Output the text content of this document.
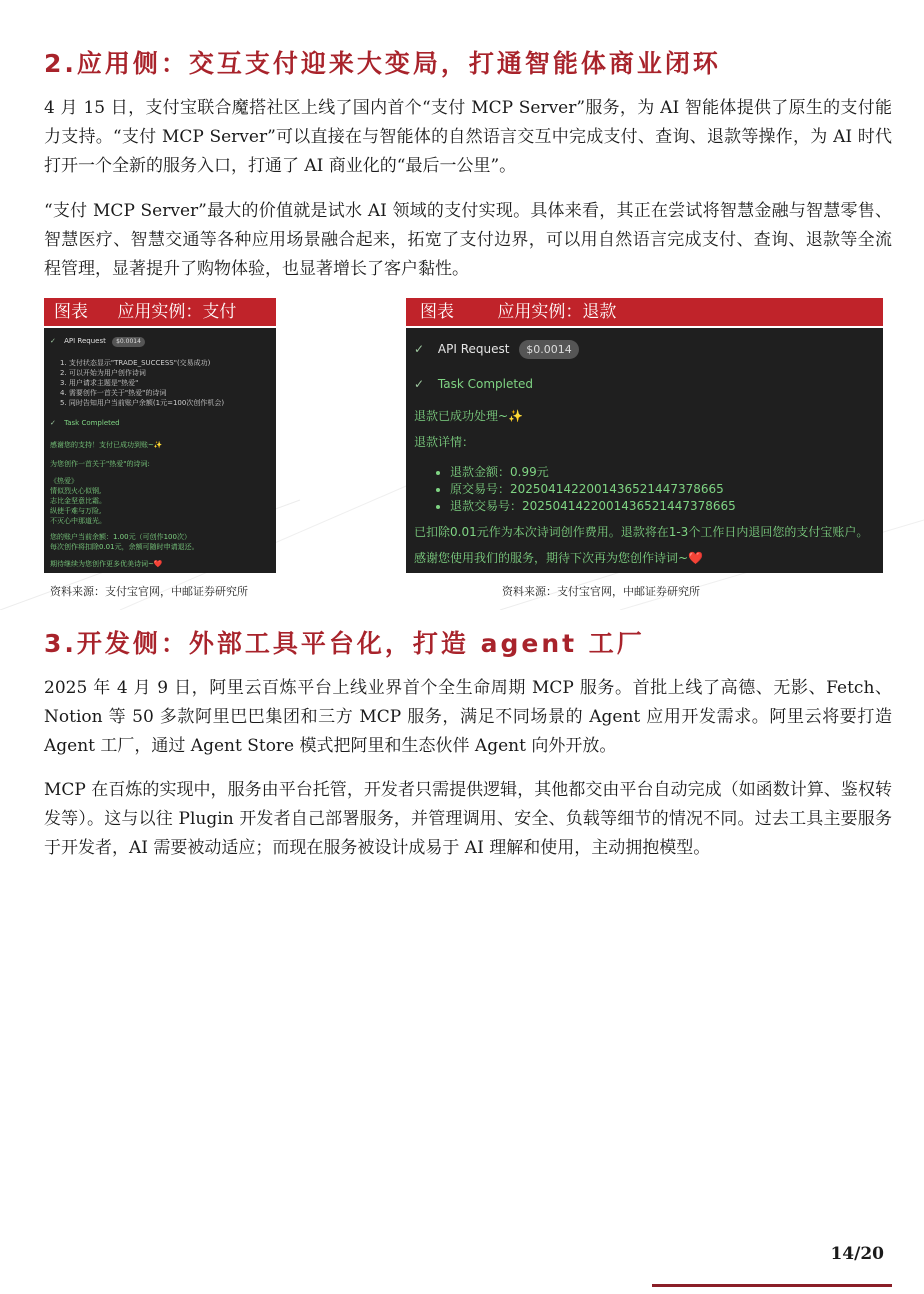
2.应用侧：交互支付迎来大变局，打通智能体商业闭环

4 月 15 日，支付宝联合魔搭社区上线了国内首个“支付 MCP Server”服务，为 AI 智能体提供了原生的支付能力支持。“支付 MCP Server”可以直接在与智能体的自然语言交互中完成支付、查询、退款等操作，为 AI 时代打开一个全新的服务入口，打通了 AI 商业化的“最后一公里”。

“支付 MCP Server”最大的价值就是试水 AI 领域的支付实现。具体来看，其正在尝试将智慧金融与智慧零售、智慧医疗、智慧交通等各种应用场景融合起来，拓宽了支付边界，可以用自然语言完成支付、查询、退款等全流程管理，显著提升了购物体验，也显著增长了客户黏性。

图表 应用实例：支付
✓ API Request $0.0014
1. 支付状态显示"TRADE_SUCCESS"(交易成功)
2. 可以开始为用户创作诗词
3. 用户请求主题是"热爱"
4. 需要创作一首关于"热爱"的诗词
5. 同时告知用户当前账户余额(1元=100次创作机会)
✓ Task Completed
感谢您的支持！支付已成功到账~✨
为您创作一首关于"热爱"的诗词:
《热爱》
情似烈火心似钢,
志比金坚意比霜。
纵使千难与万险,
不灭心中那道光。
您的账户当前余额：1.00元（可创作100次）
每次创作将扣除0.01元，余额可随时申请退还。
期待继续为您创作更多优美诗词~❤️
资料来源：支付宝官网，中邮证券研究所
图表	应用实例：退款
✓ API Request $0.0014
✓ Task Completed
退款已成功处理~✨
退款详情：
• 退款金额：0.99元
• 原交易号：20250414220014365214473786​65
• 退款交易号：20250414220014365214473786​65
已扣除0.01元作为本次诗词创作费用。退款将在1-3个工作日内退回您的支付宝账户。
感谢您使用我们的服务，期待下次再为您创作诗词~❤️
资料来源：支付宝官网，中邮证券研究所
3.开发侧：外部工具平台化，打造 agent 工厂

2025 年 4 月 9 日，阿里云百炼平台上线业界首个全生命周期 MCP 服务。首批上线了高德、无影、Fetch、Notion 等 50 多款阿里巴巴集团和三方 MCP 服务，满足不同场景的 Agent 应用开发需求。阿里云将要打造 Agent 工厂，通过 Agent Store 模式把阿里和生态伙伴 Agent 向外开放。

MCP 在百炼的实现中，服务由平台托管，开发者只需提供逻辑，其他都交由平台自动完成（如函数计算、鉴权转发等）。这与以往 Plugin 开发者自己部署服务，并管理调用、安全、负载等细节的情况不同。过去工具主要服务于开发者，AI 需要被动适应；而现在服务被设计成易于 AI 理解和使用，主动拥抱模型。

14/20
